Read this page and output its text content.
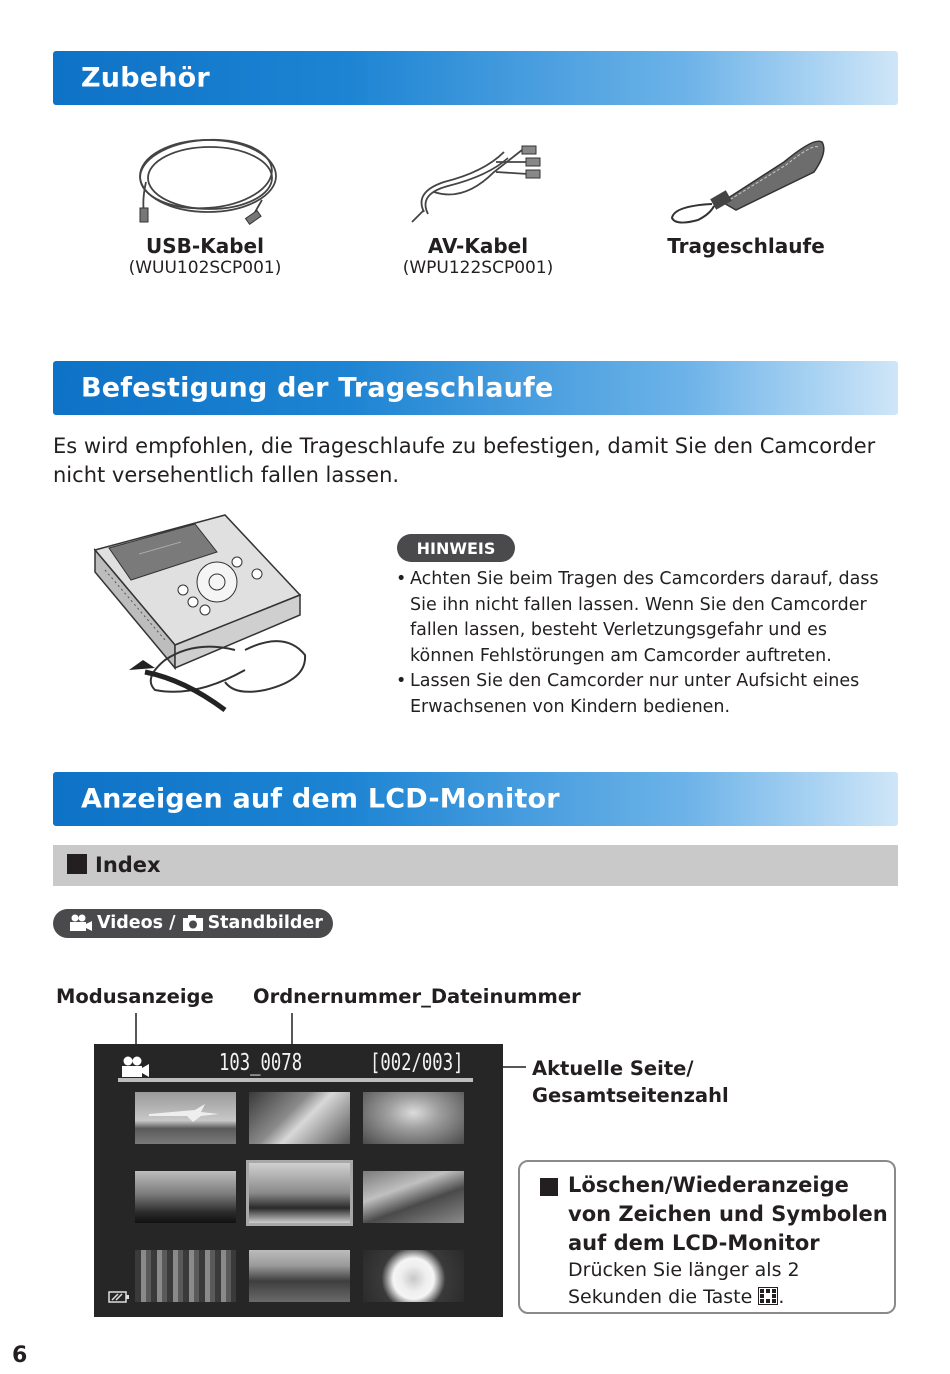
Zubehör
USB-Kabel
(WUU102SCP001)
AV-Kabel
(WPU122SCP001)
Trageschlaufe
Befestigung der Trageschlaufe
Es wird empfohlen, die Trageschlaufe zu befestigen, damit Sie den Camcorder nicht versehentlich fallen lassen.
HINWEIS
• Achten Sie beim Tragen des Camcorders darauf, dass Sie ihn nicht fallen lassen. Wenn Sie den Camcorder fallen lassen, besteht Verletzungsgefahr und es können Fehlstörungen am Camcorder auftreten.
• Lassen Sie den Camcorder nur unter Aufsicht eines Erwachsenen von Kindern bedienen.
Anzeigen auf dem LCD-Monitor
Index
Videos / Standbilder
Modusanzeige Ordnernummer_Dateinummer
Aktuelle Seite/
Gesamtseitenzahl
103_0078	[002/003]
Löschen/Wiederanzeige
von Zeichen und Symbolen
auf dem LCD-Monitor
Drücken Sie länger als 2
Sekunden die Taste .
6
